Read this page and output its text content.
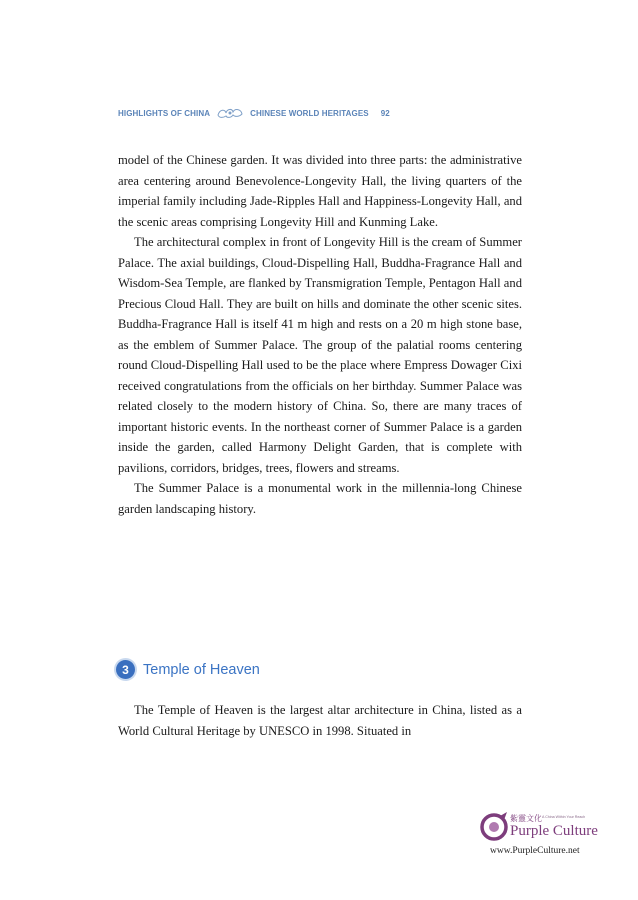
HIGHLIGHTS OF CHINA	CHINESE WORLD HERITAGES 92

model of the Chinese garden. It was divided into three parts: the administrative area centering around Benevolence-Longevity Hall, the living quarters of the imperial family including Jade-Ripples Hall and Happiness-Longevity Hall, and the scenic areas comprising Longevity Hill and Kunming Lake.

The architectural complex in front of Longevity Hill is the cream of Summer Palace. The axial buildings, Cloud-Dispelling Hall, Buddha-Fragrance Hall and Wisdom-Sea Temple, are flanked by Transmigration Temple, Pentagon Hall and Precious Cloud Hall. They are built on hills and dominate the other scenic sites. Buddha-Fragrance Hall is itself 41 m high and rests on a 20 m high stone base, as the emblem of Summer Palace. The group of the palatial rooms centering round Cloud-Dispelling Hall used to be the place where Empress Dowager Cixi received congratulations from the officials on her birthday. Summer Palace was related closely to the modern history of China. So, there are many traces of important historic events. In the northeast corner of Summer Palace is a garden inside the garden, called Harmony Delight Garden, that is complete with pavilions, corridors, bridges, trees, flowers and streams.

The Summer Palace is a monumental work in the millennia-long Chinese garden landscaping history.

3 Temple of Heaven

The Temple of Heaven is the largest altar architecture in China, listed as a World Cultural Heritage by UNESCO in 1998. Situated in

紫靈文化 A China Within Your Reach
Purple Culture
www.PurpleCulture.net
